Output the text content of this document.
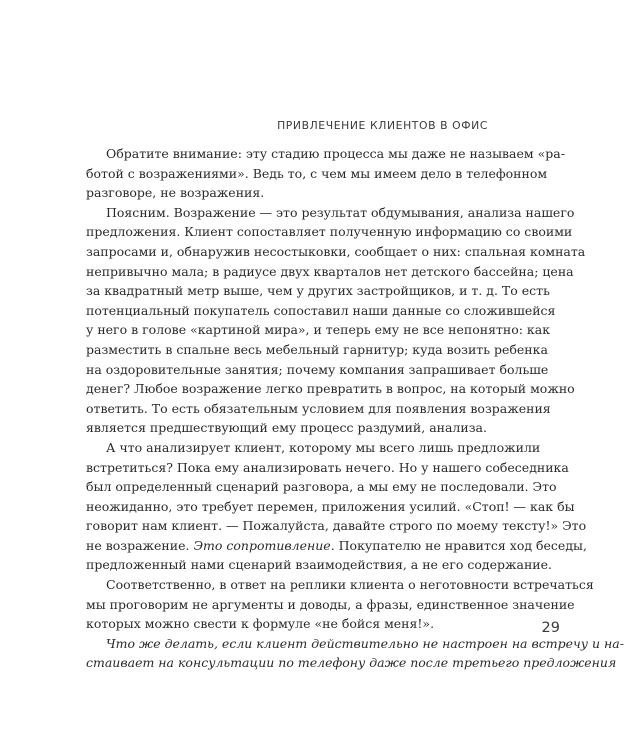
ПРИВЛЕЧЕНИЕ КЛИЕНТОВ В ОФИС
Обратите внимание: эту стадию процесса мы даже не называем «ра-
ботой с возражениями». Ведь то, с чем мы имеем дело в телефонном
разговоре, не возражения.
Поясним. Возражение — это результат обдумывания, анализа нашего
предложения. Клиент сопоставляет полученную информацию со своими
запросами и, обнаружив несостыковки, сообщает о них: спальная комната
непривычно мала; в радиусе двух кварталов нет детского бассейна; цена
за квадратный метр выше, чем у других застройщиков, и т. д. То есть
потенциальный покупатель сопоставил наши данные со сложившейся
у него в голове «картиной мира», и теперь ему не все непонятно: как
разместить в спальне весь мебельный гарнитур; куда возить ребенка
на оздоровительные занятия; почему компания запрашивает больше
денег? Любое возражение легко превратить в вопрос, на который можно
ответить. То есть обязательным условием для появления возражения
является предшествующий ему процесс раздумий, анализа.
А что анализирует клиент, которому мы всего лишь предложили
встретиться? Пока ему анализировать нечего. Но у нашего собеседника
был определенный сценарий разговора, а мы ему не последовали. Это
неожиданно, это требует перемен, приложения усилий. «Стоп! — как бы
говорит нам клиент. — Пожалуйста, давайте строго по моему тексту!» Это
не возражение. Это сопротивление. Покупателю не нравится ход беседы,
предложенный нами сценарий взаимодействия, а не его содержание.
Соответственно, в ответ на реплики клиента о неготовности встречаться
мы проговорим не аргументы и доводы, а фразы, единственное значение
которых можно свести к формуле «не бойся меня!».
Что же делать, если клиент действительно не настроен на встречу и на-
стаивает на консультации по телефону даже после третьего предложения
29
